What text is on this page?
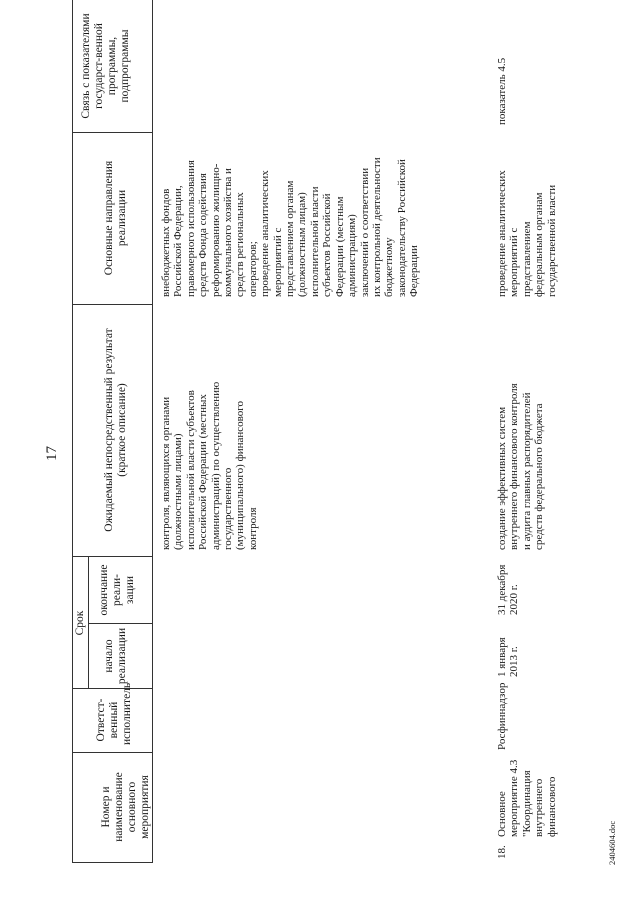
17
Номер и наименование основного мероприятия
Ответст-венный исполнитель
Срок
начало реализации
окончание реали-зации
Ожидаемый непосредственный результат (краткое описание)
Основные направления реализации
Связь с показателями государст-венной программы, подпрограммы
контроля, являющихся органами
(должностными лицами)
исполнительной власти субъектов
Российской Федерации (местных
администраций) по осуществлению
государственного
(муниципального) финансового
контроля
внебюджетных фондов
Российской Федерации,
правомерного использования
средств Фонда содействия
реформированию жилищно-
коммунального хозяйства и
средств региональных
операторов;
проведение аналитических
мероприятий с
представлением органам
(должностным лицам)
исполнительной власти
субъектов Российской
Федерации (местным
администрациям)
заключений о соответствии
их контрольной деятельности
бюджетному
законодательству Российской
Федерации
18.
Основное
мероприятие 4.3
"Координация
внутреннего
финансового
Росфиннадзор
1 января
2013 г.
31 декабря
2020 г.
создание эффективных систем
внутреннего финансового контроля
и аудита главных распорядителей
средств федерального бюджета
проведение аналитических
мероприятий с
представлением
федеральным органам
государственной власти
показатель 4.5
2404604.doc
